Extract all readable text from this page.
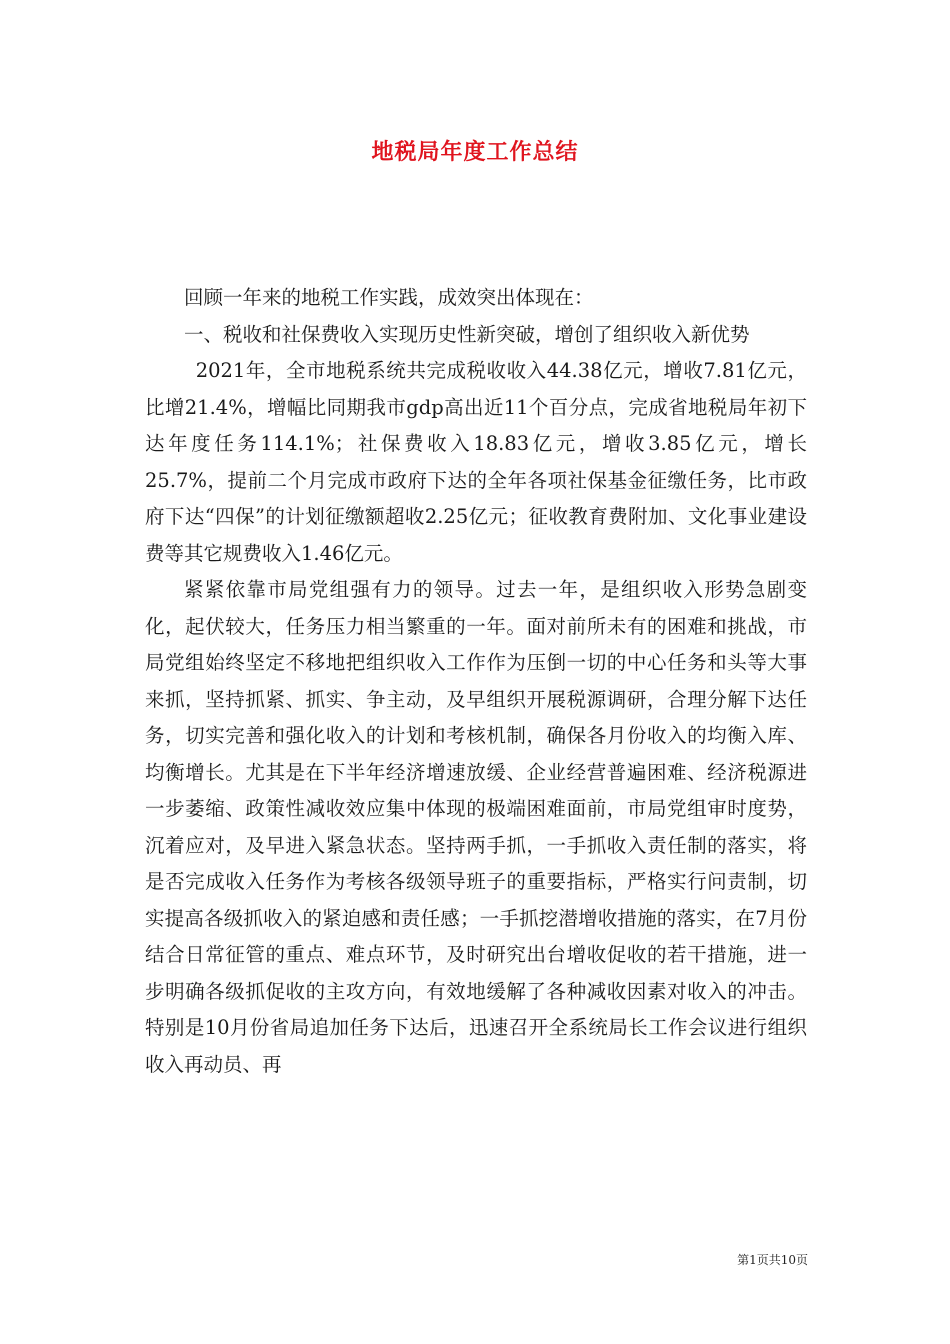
地税局年度工作总结

回顾一年来的地税工作实践，成效突出体现在：

一、税收和社保费收入实现历史性新突破，增创了组织收入新优势

2021年，全市地税系统共完成税收收入44.38亿元，增收7.81亿元，比增21.4%，增幅比同期我市gdp高出近11个百分点，完成省地税局年初下达年度任务114.1%；社保费收入18.83亿元，增收3.85亿元，增长25.7%，提前二个月完成市政府下达的全年各项社保基金征缴任务，比市政府下达“四保”的计划征缴额超收2.25亿元；征收教育费附加、文化事业建设费等其它规费收入1.46亿元。

紧紧依靠市局党组强有力的领导。过去一年，是组织收入形势急剧变化，起伏较大，任务压力相当繁重的一年。面对前所未有的困难和挑战，市局党组始终坚定不移地把组织收入工作作为压倒一切的中心任务和头等大事来抓，坚持抓紧、抓实、争主动，及早组织开展税源调研，合理分解下达任务，切实完善和强化收入的计划和考核机制，确保各月份收入的均衡入库、均衡增长。尤其是在下半年经济增速放缓、企业经营普遍困难、经济税源进一步萎缩、政策性减收效应集中体现的极端困难面前，市局党组审时度势，沉着应对，及早进入紧急状态。坚持两手抓，一手抓收入责任制的落实，将是否完成收入任务作为考核各级领导班子的重要指标，严格实行问责制，切实提高各级抓收入的紧迫感和责任感；一手抓挖潜增收措施的落实，在7月份结合日常征管的重点、难点环节，及时研究出台增收促收的若干措施，进一步明确各级抓促收的主攻方向，有效地缓解了各种减收因素对收入的冲击。特别是10月份省局追加任务下达后，迅速召开全系统局长工作会议进行组织收入再动员、再

第1页共10页
